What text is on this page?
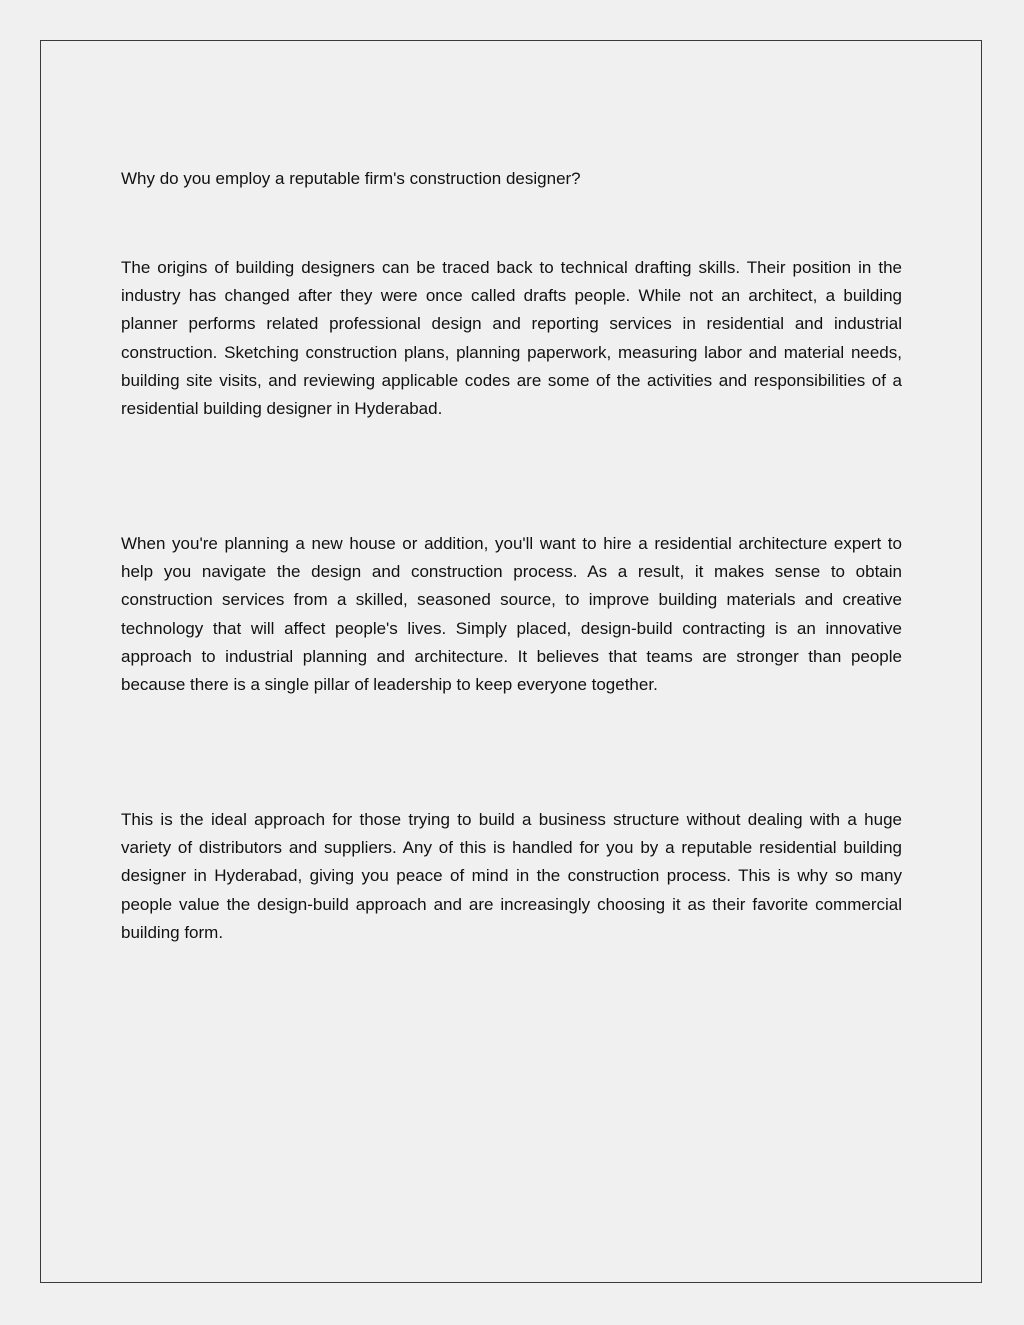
Why do you employ a reputable firm's construction designer?

The origins of building designers can be traced back to technical drafting skills. Their position in the industry has changed after they were once called drafts people. While not an architect, a building planner performs related professional design and reporting services in residential and industrial construction. Sketching construction plans, planning paperwork, measuring labor and material needs, building site visits, and reviewing applicable codes are some of the activities and responsibilities of a residential building designer in Hyderabad.

When you're planning a new house or addition, you'll want to hire a residential architecture expert to help you navigate the design and construction process. As a result, it makes sense to obtain construction services from a skilled, seasoned source, to improve building materials and creative technology that will affect people's lives. Simply placed, design-build contracting is an innovative approach to industrial planning and architecture. It believes that teams are stronger than people because there is a single pillar of leadership to keep everyone together.

This is the ideal approach for those trying to build a business structure without dealing with a huge variety of distributors and suppliers. Any of this is handled for you by a reputable residential building designer in Hyderabad, giving you peace of mind in the construction process. This is why so many people value the design-build approach and are increasingly choosing it as their favorite commercial building form.
